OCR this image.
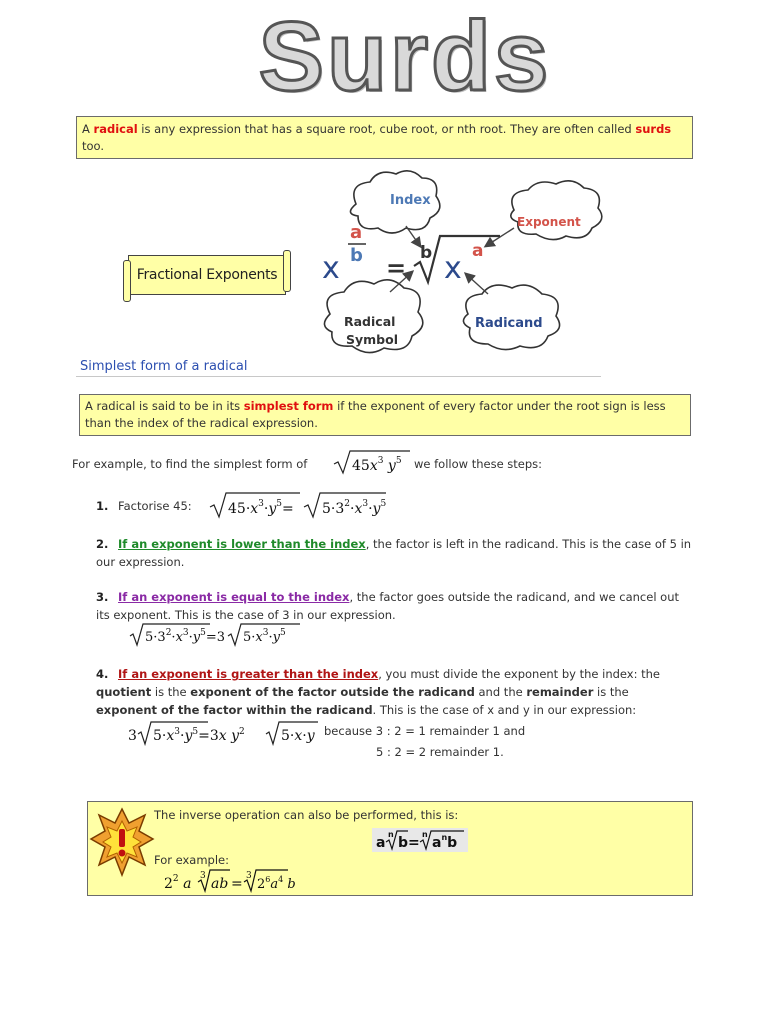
Surds
A radical is any expression that has a square root, cube root, or nth root. They are often called surds too.
Fractional Exponents
Index
Exponent
Radical
Symbol
Radicand
x
a
b =
b x a
Simplest form of a radical
A radical is said to be in its simplest form if the exponent of every factor under the root sign is less than the index of the radical expression.
For example, to find the simplest form of	$45x^3$ $y^5$ we follow these steps:
1. Factorise 45:	$45\cdot x^3\cdot y^5= 5\cdot 3^2\cdot x^3\cdot y^5$
2. If an exponent is lower than the index, the factor is left in the radicand. This is the case of 5 in our expression.
3. If an exponent is equal to the index, the factor goes outside the radicand, and we cancel out its exponent. This is the case of 3 in our expression.
$5\cdot 3^2\cdot x^3\cdot y^5=3$ $5\cdot x^3\cdot y^5$
4. If an exponent is greater than the index, you must divide the exponent by the index: the quotient is the exponent of the factor outside the radicand and the remainder is the exponent of the factor within the radicand. This is the case of x and y in our expression:
3 $5\cdot x^3\cdot y^5=3x$ $y^2$	5·x·y because 3 : 2 = 1 remainder 1 and
5 : 2 = 2 remainder 1.
The inverse operation can also be performed, this is:
a
n
b=
n
$a^nb$
For example:
$2^2$ a 3 ab = 3
$2^6a^4$ b
